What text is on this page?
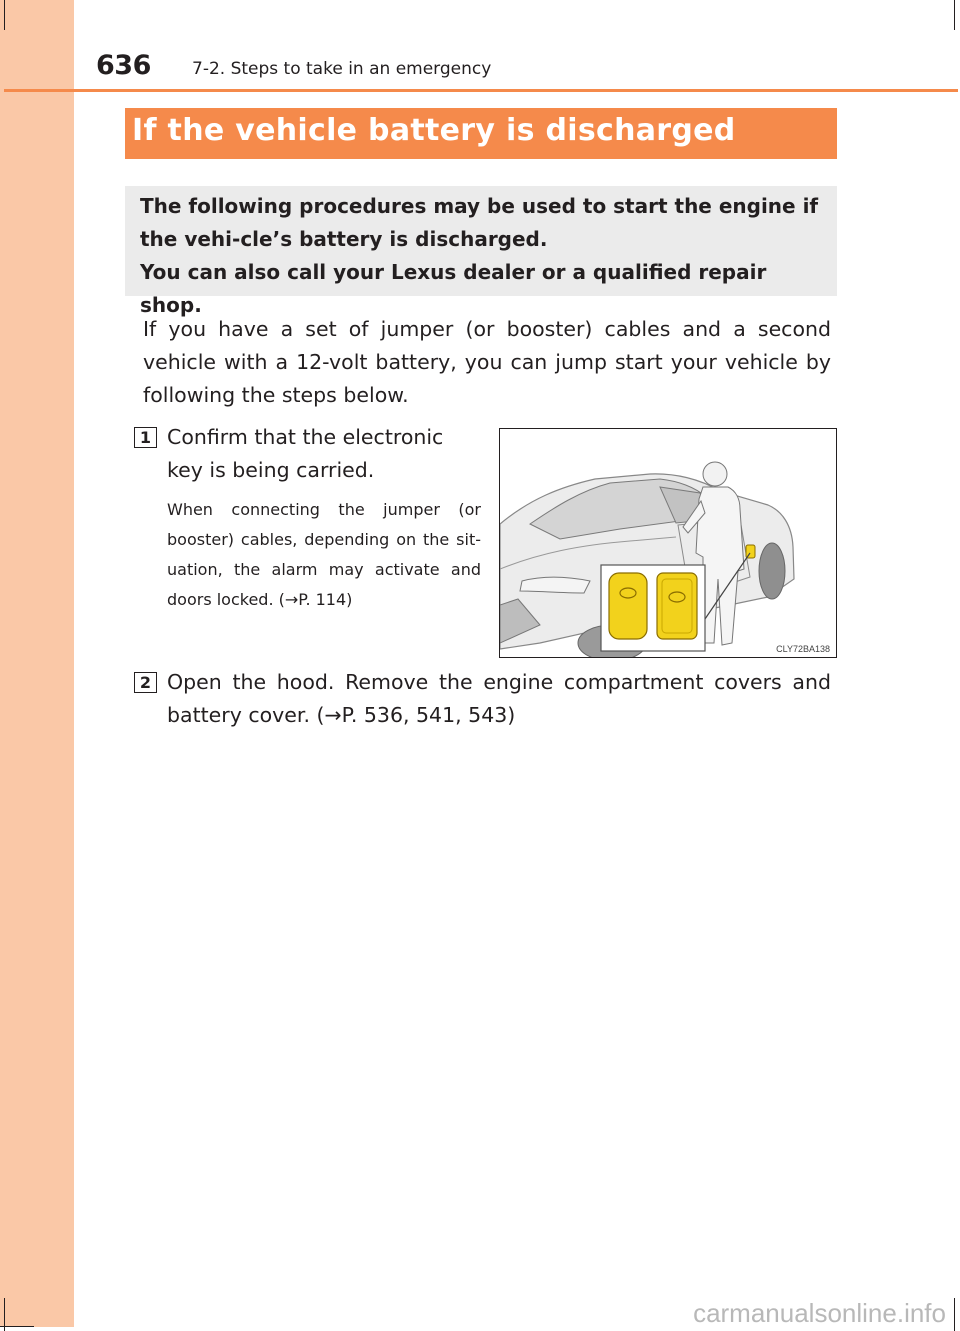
636 7-2. Steps to take in an emergency
If the vehicle battery is discharged

The following procedures may be used to start the engine if the vehi-cle’s battery is discharged.

You can also call your Lexus dealer or a qualified repair shop.

If you have a set of jumper (or booster) cables and a second vehicle with a 12-volt battery, you can jump start your vehicle by following the steps below.

1 Confirm that the electronic key is being carried.

When connecting the jumper (or booster) cables, depending on the sit-uation, the alarm may activate and doors locked. (→P. 114)

CLY72BA138
2 Open the hood. Remove the engine compartment covers and battery cover. (→P. 536, 541, 543)

carmanualsonline.info
